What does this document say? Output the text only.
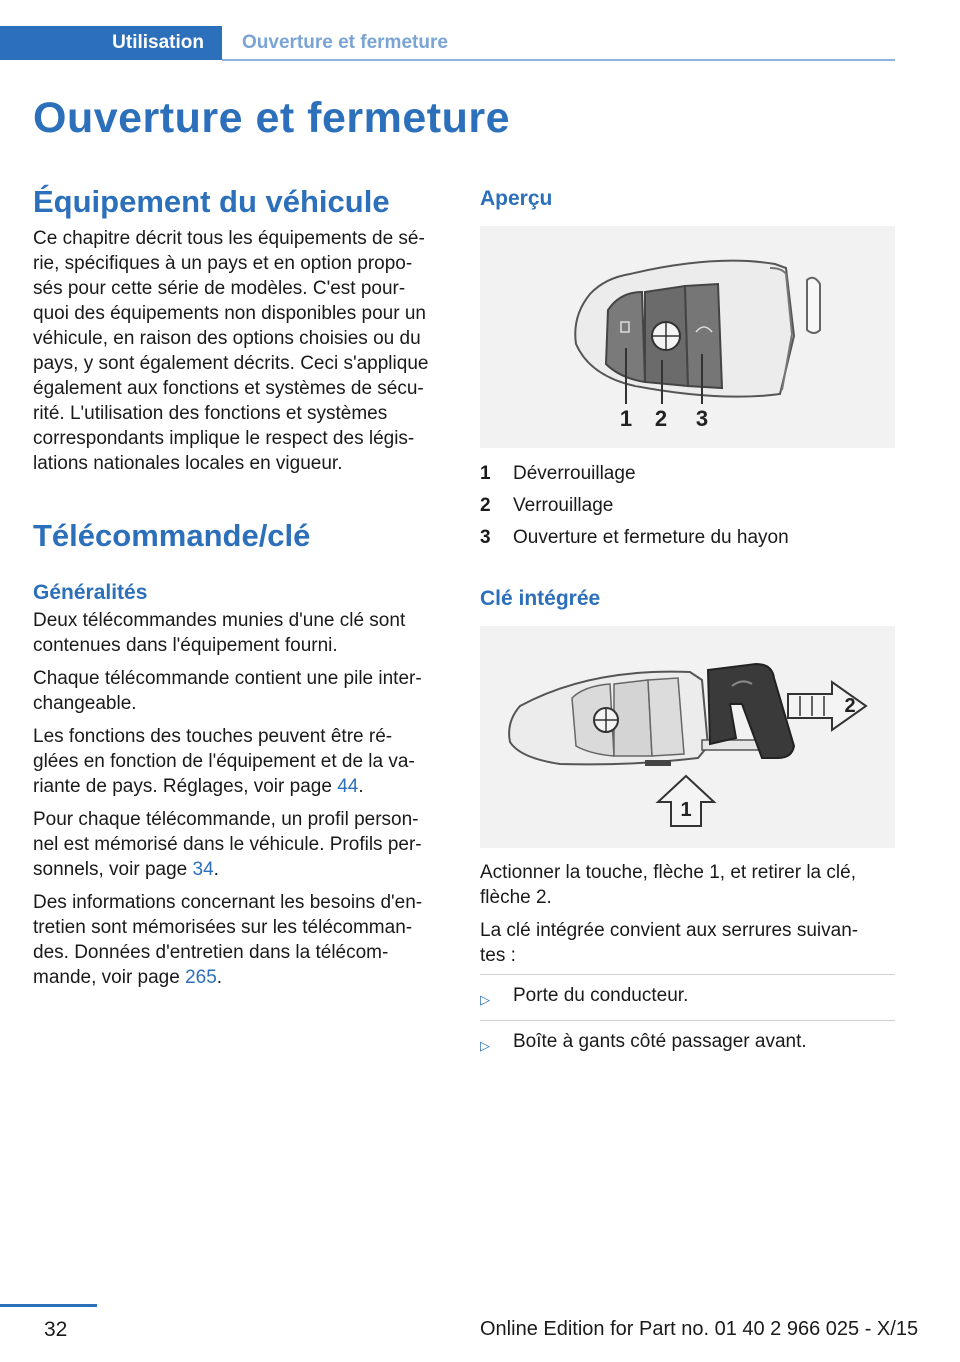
Utilisation Ouverture et fermeture
Ouverture et fermeture
Équipement du véhicule

Ce chapitre décrit tous les équipements de sé-
rie, spécifiques à un pays et en option propo-
sés pour cette série de modèles. C'est pour-
quoi des équipements non disponibles pour un
véhicule, en raison des options choisies ou du
pays, y sont également décrits. Ceci s'applique
également aux fonctions et systèmes de sécu-
rité. L'utilisation des fonctions et systèmes
correspondants implique le respect des légis-
lations nationales locales en vigueur.

Télécommande/clé
Généralités

Deux télécommandes munies d'une clé sont
contenues dans l'équipement fourni.

Chaque télécommande contient une pile inter-
changeable.

Les fonctions des touches peuvent être ré-
glées en fonction de l'équipement et de la va-
riante de pays. Réglages, voir page 44.

Pour chaque télécommande, un profil person-
nel est mémorisé dans le véhicule. Profils per-
sonnels, voir page 34.

Des informations concernant les besoins d'en-
tretien sont mémorisées sur les télécomman-
des. Données d'entretien dans la télécom-
mande, voir page 265.

Aperçu
1 2 3
1	Déverrouillage
2	Verrouillage
3	Ouverture et fermeture du hayon
Clé intégrée
2
1

Actionner la touche, flèche 1, et retirer la clé,
flèche 2.

La clé intégrée convient aux serrures suivan-
tes :

▷	Porte du conducteur.
▷	Boîte à gants côté passager avant.
32	Online Edition for Part no. 01 40 2 966 025 - X/15
